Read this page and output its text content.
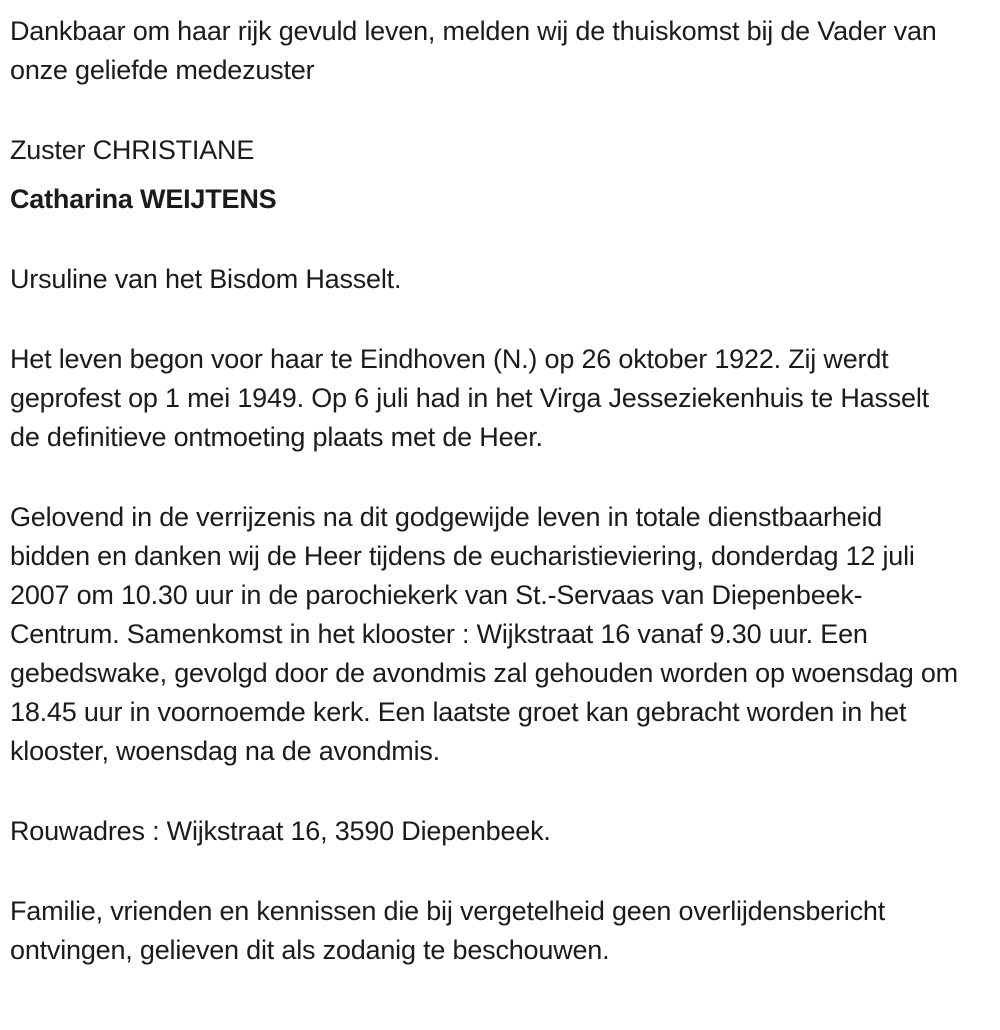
Dankbaar om haar rijk gevuld leven, melden wij de thuiskomst bij de Vader van onze geliefde medezuster

Zuster CHRISTIANE

Catharina WEIJTENS

Ursuline van het Bisdom Hasselt.

Het leven begon voor haar te Eindhoven (N.) op 26 oktober 1922. Zij werdt geprofest op 1 mei 1949. Op 6 juli had in het Virga Jesseziekenhuis te Hasselt de definitieve ontmoeting plaats met de Heer.

Gelovend in de verrijzenis na dit godgewijde leven in totale dienstbaarheid bidden en danken wij de Heer tijdens de eucharistieviering, donderdag 12 juli 2007 om 10.30 uur in de parochiekerk van St.-Servaas van Diepenbeek-Centrum. Samenkomst in het klooster : Wijkstraat 16 vanaf 9.30 uur. Een gebedswake, gevolgd door de avondmis zal gehouden worden op woensdag om 18.45 uur in voornoemde kerk. Een laatste groet kan gebracht worden in het klooster, woensdag na de avondmis.

Rouwadres : Wijkstraat 16, 3590 Diepenbeek.

Familie, vrienden en kennissen die bij vergetelheid geen overlijdensbericht ontvingen, gelieven dit als zodanig te beschouwen.
